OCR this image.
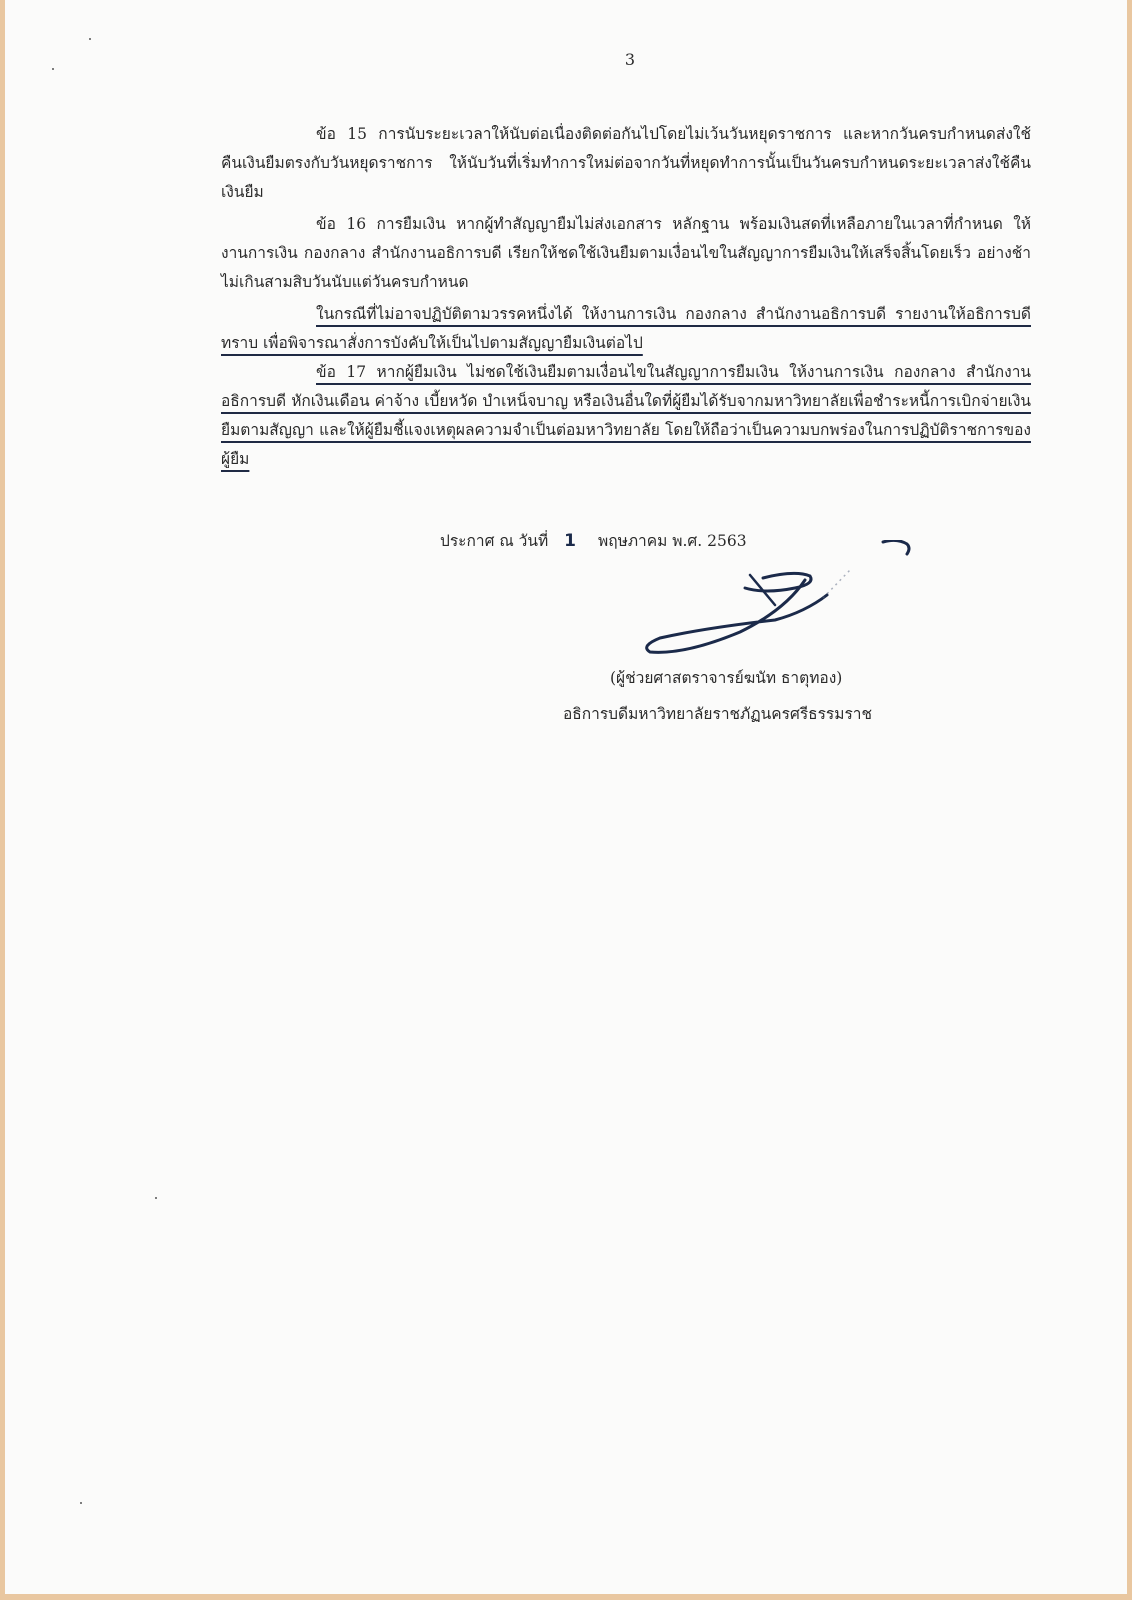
3

ข้อ 15 การนับระยะเวลาให้นับต่อเนื่องติดต่อกันไปโดยไม่เว้นวันหยุดราชการ และหากวันครบกำหนดส่งใช้คืนเงินยืมตรงกับวันหยุดราชการ ให้นับวันที่เริ่มทำการใหม่ต่อจากวันที่หยุดทำการนั้นเป็นวันครบกำหนดระยะเวลาส่งใช้คืนเงินยืม

ข้อ 16 การยืมเงิน หากผู้ทำสัญญายืมไม่ส่งเอกสาร หลักฐาน พร้อมเงินสดที่เหลือภายในเวลาที่กำหนด ให้งานการเงิน กองกลาง สำนักงานอธิการบดี เรียกให้ชดใช้เงินยืมตามเงื่อนไขในสัญญาการยืมเงินให้เสร็จสิ้นโดยเร็ว อย่างช้าไม่เกินสามสิบวันนับแต่วันครบกำหนด

ในกรณีที่ไม่อาจปฏิบัติตามวรรคหนึ่งได้ ให้งานการเงิน กองกลาง สำนักงานอธิการบดี รายงานให้อธิการบดีทราบ เพื่อพิจารณาสั่งการบังคับให้เป็นไปตามสัญญายืมเงินต่อไป

ข้อ 17 หากผู้ยืมเงิน ไม่ชดใช้เงินยืมตามเงื่อนไขในสัญญาการยืมเงิน ให้งานการเงิน กองกลาง สำนักงานอธิการบดี หักเงินเดือน ค่าจ้าง เบี้ยหวัด บำเหน็จบาญ หรือเงินอื่นใดที่ผู้ยืมได้รับจากมหาวิทยาลัยเพื่อชำระหนี้การเบิกจ่ายเงินยืมตามสัญญา และให้ผู้ยืมชี้แจงเหตุผลความจำเป็นต่อมหาวิทยาลัย โดยให้ถือว่าเป็นความบกพร่องในการปฏิบัติราชการของผู้ยืม

ประกาศ ณ วันที่ 1 พฤษภาคม พ.ศ. 2563
(ผู้ช่วยศาสตราจารย์ฆนัท ธาตุทอง)
อธิการบดีมหาวิทยาลัยราชภัฏนครศรีธรรมราช
